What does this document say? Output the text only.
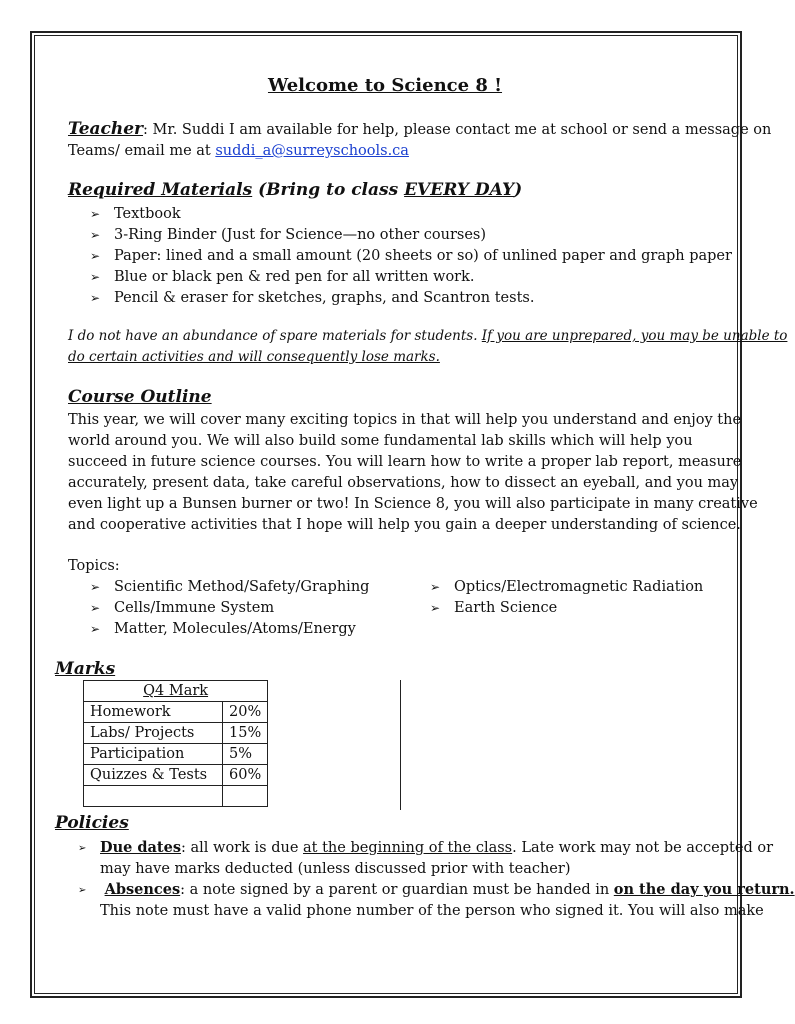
Welcome to Science 8 !
Teacher: Mr. Suddi I am available for help, please contact me at school or send a message on
Teams/ email me at suddi_a@surreyschools.ca
Required Materials (Bring to class EVERY DAY)
➢ Textbook
➢ 3-Ring Binder (Just for Science—no other courses)
➢ Paper: lined and a small amount (20 sheets or so) of unlined paper and graph paper
➢ Blue or black pen & red pen for all written work.
➢ Pencil & eraser for sketches, graphs, and Scantron tests.
I do not have an abundance of spare materials for students. If you are unprepared, you may be unable to
do certain activities and will consequently lose marks.
Course Outline
This year, we will cover many exciting topics in that will help you understand and enjoy the
world around you. We will also build some fundamental lab skills which will help you
succeed in future science courses. You will learn how to write a proper lab report, measure
accurately, present data, take careful observations, how to dissect an eyeball, and you may
even light up a Bunsen burner or two! In Science 8, you will also participate in many creative
and cooperative activities that I hope will help you gain a deeper understanding of science.
Topics:
➢ Scientific Method/Safety/Graphing
➢ Cells/Immune System
➢ Matter, Molecules/Atoms/Energy
➢ Optics/Electromagnetic Radiation
➢ Earth Science
Marks
Q4 Mark	
Homework	20%
Labs/ Projects	15%
Participation	5%
Quizzes & Tests	60%

Policies
➢ Due dates: all work is due at the beginning of the class. Late work may not be accepted or
may have marks deducted (unless discussed prior with teacher)
➢	Absences: a note signed by a parent or guardian must be handed in on the day you return.
This note must have a valid phone number of the person who signed it. You will also make
